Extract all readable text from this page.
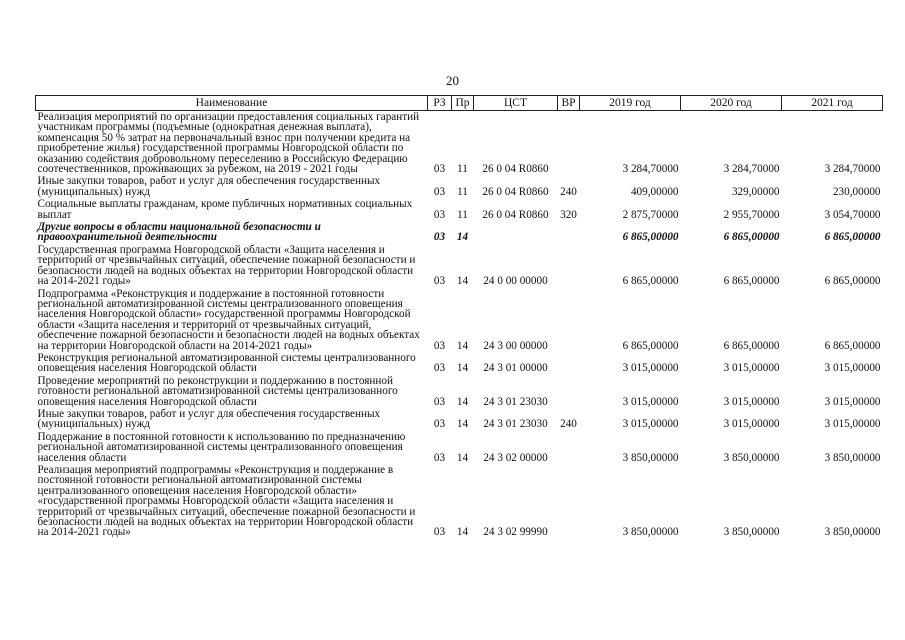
20
Наименование	РЗ	Пр	ЦСТ	ВР	2019 год	2020 год	2021 год
Реализация мероприятий по организации предоставления социальных гарантий участникам программы (подъемные (однократная денежная выплата), компенсация 50 % затрат на первоначальный взнос при получении кредита на приобретение жилья) государственной программы Новгородской области по оказанию содействия добровольному переселению в Российскую Федерацию соотечественников, проживающих за рубежом, на 2019 - 2021 годы	03	11	26 0 04 R0860		3 284,70000	3 284,70000	3 284,70000
Иные закупки товаров, работ и услуг для обеспечения государственных (муниципальных) нужд	03	11	26 0 04 R0860	240	409,00000	329,00000	230,00000
Социальные выплаты гражданам, кроме публичных нормативных социальных выплат	03	11	26 0 04 R0860	320	2 875,70000	2 955,70000	3 054,70000
Другие вопросы в области национальной безопасности и правоохранительной деятельности	03	14			6 865,00000	6 865,00000	6 865,00000
Государственная программа Новгородской области «Защита населения и территорий от чрезвычайных ситуаций, обеспечение пожарной безопасности и безопасности людей на водных объектах на территории Новгородской области на 2014-2021 годы»	03	14	24 0 00 00000		6 865,00000	6 865,00000	6 865,00000
Подпрограмма «Реконструкция и поддержание в постоянной готовности региональной автоматизированной системы централизованного оповещения населения Новгородской области» государственной программы Новгородской области «Защита населения и территорий от чрезвычайных ситуаций, обеспечение пожарной безопасности и безопасности людей на водных объектах на территории Новгородской области на 2014-2021 годы»	03	14	24 3 00 00000		6 865,00000	6 865,00000	6 865,00000
Реконструкция региональной автоматизированной системы централизованного оповещения населения Новгородской области	03	14	24 3 01 00000		3 015,00000	3 015,00000	3 015,00000
Проведение мероприятий по реконструкции и поддержанию в постоянной готовности региональной автоматизированной системы централизованного оповещения населения Новгородской области	03	14	24 3 01 23030		3 015,00000	3 015,00000	3 015,00000
Иные закупки товаров, работ и услуг для обеспечения государственных (муниципальных) нужд	03	14	24 3 01 23030	240	3 015,00000	3 015,00000	3 015,00000
Поддержание в постоянной готовности к использованию по предназначению региональной автоматизированной системы централизованного оповещения населения области	03	14	24 3 02 00000		3 850,00000	3 850,00000	3 850,00000
Реализация мероприятий подпрограммы «Реконструкция и поддержание в постоянной готовности региональной автоматизированной системы централизованного оповещения населения Новгородской области» «государственной программы Новгородской области «Защита населения и территорий от чрезвычайных ситуаций, обеспечение пожарной безопасности и безопасности людей на водных объектах на территории Новгородской области на 2014-2021 годы»	03	14	24 3 02 99990		3 850,00000	3 850,00000	3 850,00000
